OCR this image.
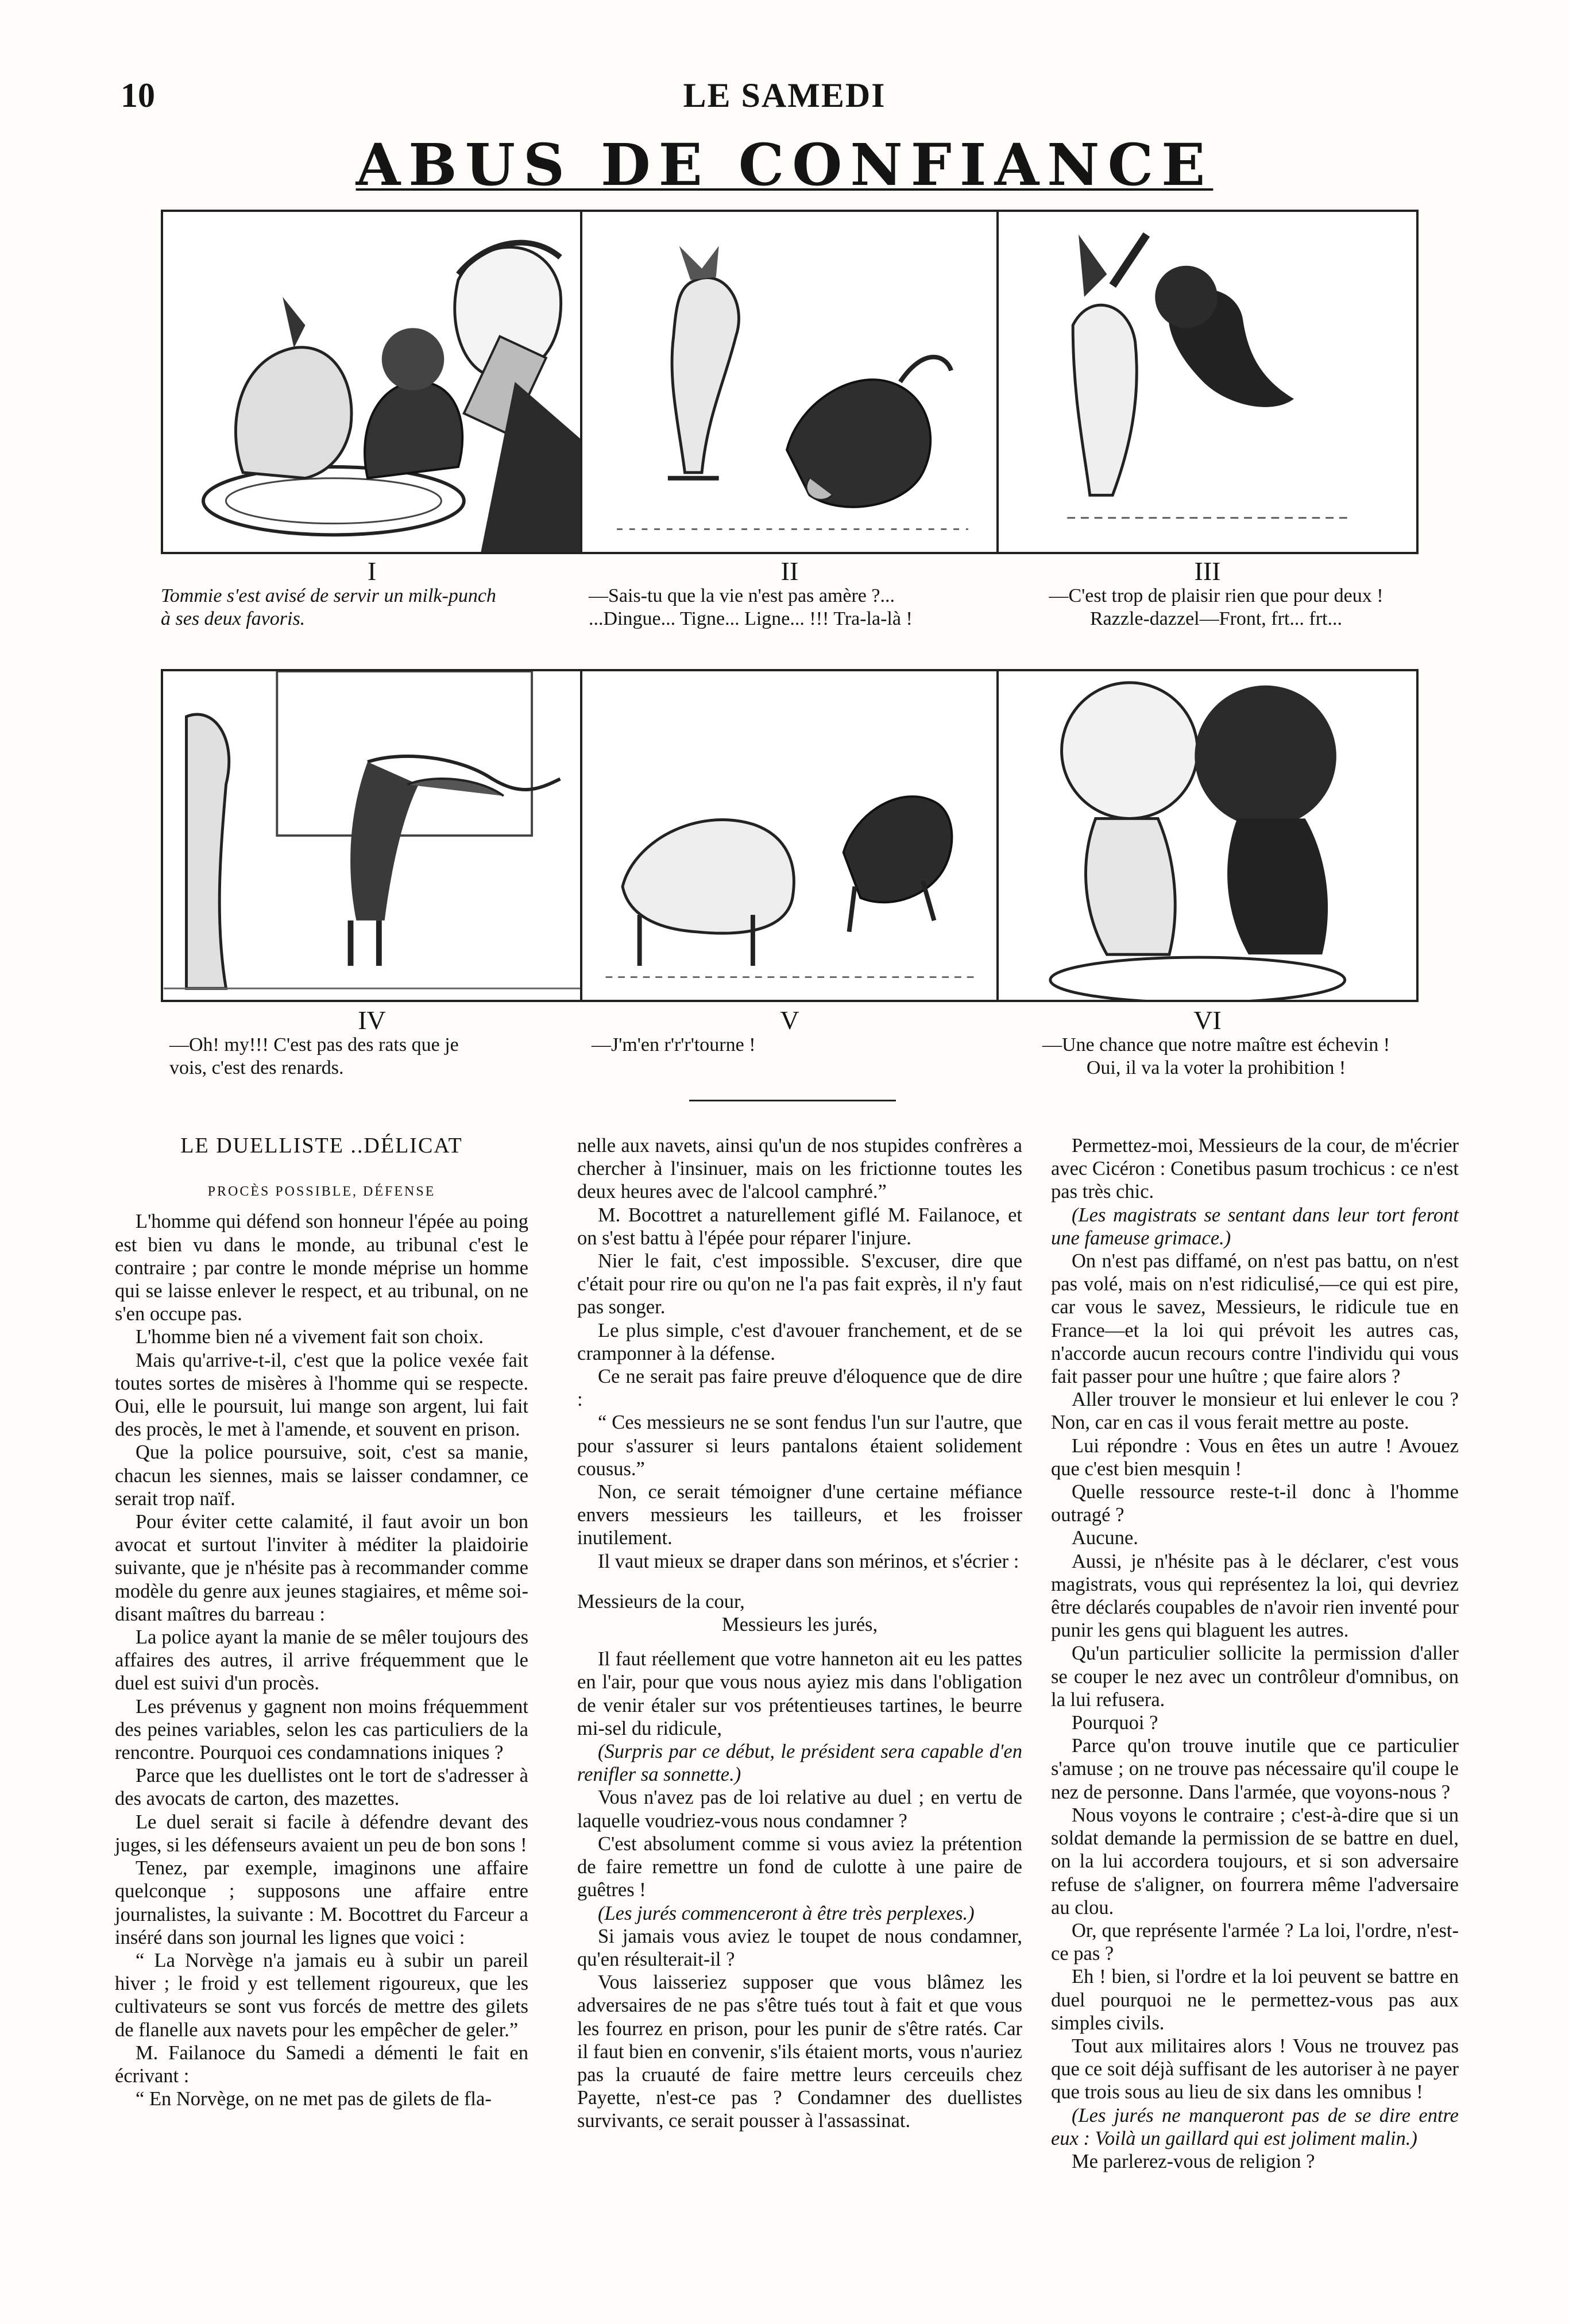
10	LE SAMEDI
ABUS DE CONFIANCE
I
Tommie s'est avisé de servir un milk-punch
à ses deux favoris.
II
—Sais-tu que la vie n'est pas amère ?...
...Dingue... Tigne... Ligne... !!! Tra-la-là !
III
—C'est trop de plaisir rien que pour deux !
Razzle-dazzel—Front, frt... frt...
IV
—Oh! my!!! C'est pas des rats que je
vois, c'est des renards.
V
—J'm'en r'r'r'tourne !
VI
—Une chance que notre maître est échevin !
Oui, il va la voter la prohibition !

LE DUELLISTE ..DÉLICAT

PROCÈS POSSIBLE, DÉFENSE

L'homme qui défend son honneur l'épée au poing est bien vu dans le monde, au tribunal c'est le contraire ; par contre le monde méprise un homme qui se laisse enlever le respect, et au tribunal, on ne s'en occupe pas.

L'homme bien né a vivement fait son choix.

Mais qu'arrive-t-il, c'est que la police vexée fait toutes sortes de misères à l'homme qui se respecte. Oui, elle le poursuit, lui mange son argent, lui fait des procès, le met à l'amende, et souvent en prison.

Que la police poursuive, soit, c'est sa manie, chacun les siennes, mais se laisser condamner, ce serait trop naïf.

Pour éviter cette calamité, il faut avoir un bon avocat et surtout l'inviter à méditer la plaidoirie suivante, que je n'hésite pas à recommander comme modèle du genre aux jeunes stagiaires, et même soi-disant maîtres du barreau :

La police ayant la manie de se mêler toujours des affaires des autres, il arrive fréquemment que le duel est suivi d'un procès.

Les prévenus y gagnent non moins fréquemment des peines variables, selon les cas particuliers de la rencontre. Pourquoi ces condamnations iniques ?

Parce que les duellistes ont le tort de s'adresser à des avocats de carton, des mazettes.

Le duel serait si facile à défendre devant des juges, si les défenseurs avaient un peu de bon sons !

Tenez, par exemple, imaginons une affaire quelconque ; supposons une affaire entre journalistes, la suivante : M. Bocottret du Farceur a inséré dans son journal les lignes que voici :

“ La Norvège n'a jamais eu à subir un pareil hiver ; le froid y est tellement rigoureux, que les cultivateurs se sont vus forcés de mettre des gilets de flanelle aux navets pour les empêcher de geler.”

M. Failanoce du Samedi a démenti le fait en écrivant :

“ En Norvège, on ne met pas de gilets de fla-

nelle aux navets, ainsi qu'un de nos stupides confrères a chercher à l'insinuer, mais on les frictionne toutes les deux heures avec de l'alcool camphré.”

M. Bocottret a naturellement giflé M. Failanoce, et on s'est battu à l'épée pour réparer l'injure.

Nier le fait, c'est impossible. S'excuser, dire que c'était pour rire ou qu'on ne l'a pas fait exprès, il n'y faut pas songer.

Le plus simple, c'est d'avouer franchement, et de se cramponner à la défense.

Ce ne serait pas faire preuve d'éloquence que de dire :

“ Ces messieurs ne se sont fendus l'un sur l'autre, que pour s'assurer si leurs pantalons étaient solidement cousus.”

Non, ce serait témoigner d'une certaine méfiance envers messieurs les tailleurs, et les froisser inutilement.

Il vaut mieux se draper dans son mérinos, et s'écrier :

Messieurs de la cour,

Messieurs les jurés,

Il faut réellement que votre hanneton ait eu les pattes en l'air, pour que vous nous ayiez mis dans l'obligation de venir étaler sur vos prétentieuses tartines, le beurre mi-sel du ridicule,

(Surpris par ce début, le président sera capable d'en renifler sa sonnette.)

Vous n'avez pas de loi relative au duel ; en vertu de laquelle voudriez-vous nous condamner ?

C'est absolument comme si vous aviez la prétention de faire remettre un fond de culotte à une paire de guêtres !

(Les jurés commenceront à être très perplexes.)

Si jamais vous aviez le toupet de nous condamner, qu'en résulterait-il ?

Vous laisseriez supposer que vous blâmez les adversaires de ne pas s'être tués tout à fait et que vous les fourrez en prison, pour les punir de s'être ratés. Car il faut bien en convenir, s'ils étaient morts, vous n'auriez pas la cruauté de faire mettre leurs cerceuils chez Payette, n'est-ce pas ? Condamner des duellistes survivants, ce serait pousser à l'assassinat.

Permettez-moi, Messieurs de la cour, de m'écrier avec Cicéron : Conetibus pasum trochicus : ce n'est pas très chic.

(Les magistrats se sentant dans leur tort feront une fameuse grimace.)

On n'est pas diffamé, on n'est pas battu, on n'est pas volé, mais on n'est ridiculisé,—ce qui est pire, car vous le savez, Messieurs, le ridicule tue en France—et la loi qui prévoit les autres cas, n'accorde aucun recours contre l'individu qui vous fait passer pour une huître ; que faire alors ?

Aller trouver le monsieur et lui enlever le cou ? Non, car en cas il vous ferait mettre au poste.

Lui répondre : Vous en êtes un autre ! Avouez que c'est bien mesquin !

Quelle ressource reste-t-il donc à l'homme outragé ?

Aucune.

Aussi, je n'hésite pas à le déclarer, c'est vous magistrats, vous qui représentez la loi, qui devriez être déclarés coupables de n'avoir rien inventé pour punir les gens qui blaguent les autres.

Qu'un particulier sollicite la permission d'aller se couper le nez avec un contrôleur d'omnibus, on la lui refusera.

Pourquoi ?

Parce qu'on trouve inutile que ce particulier s'amuse ; on ne trouve pas nécessaire qu'il coupe le nez de personne. Dans l'armée, que voyons-nous ?

Nous voyons le contraire ; c'est-à-dire que si un soldat demande la permission de se battre en duel, on la lui accordera toujours, et si son adversaire refuse de s'aligner, on fourrera même l'adversaire au clou.

Or, que représente l'armée ? La loi, l'ordre, n'est-ce pas ?

Eh ! bien, si l'ordre et la loi peuvent se battre en duel pourquoi ne le permettez-vous pas aux simples civils.

Tout aux militaires alors ! Vous ne trouvez pas que ce soit déjà suffisant de les autoriser à ne payer que trois sous au lieu de six dans les omnibus !

(Les jurés ne manqueront pas de se dire entre eux : Voilà un gaillard qui est joliment malin.)

Me parlerez-vous de religion ?
